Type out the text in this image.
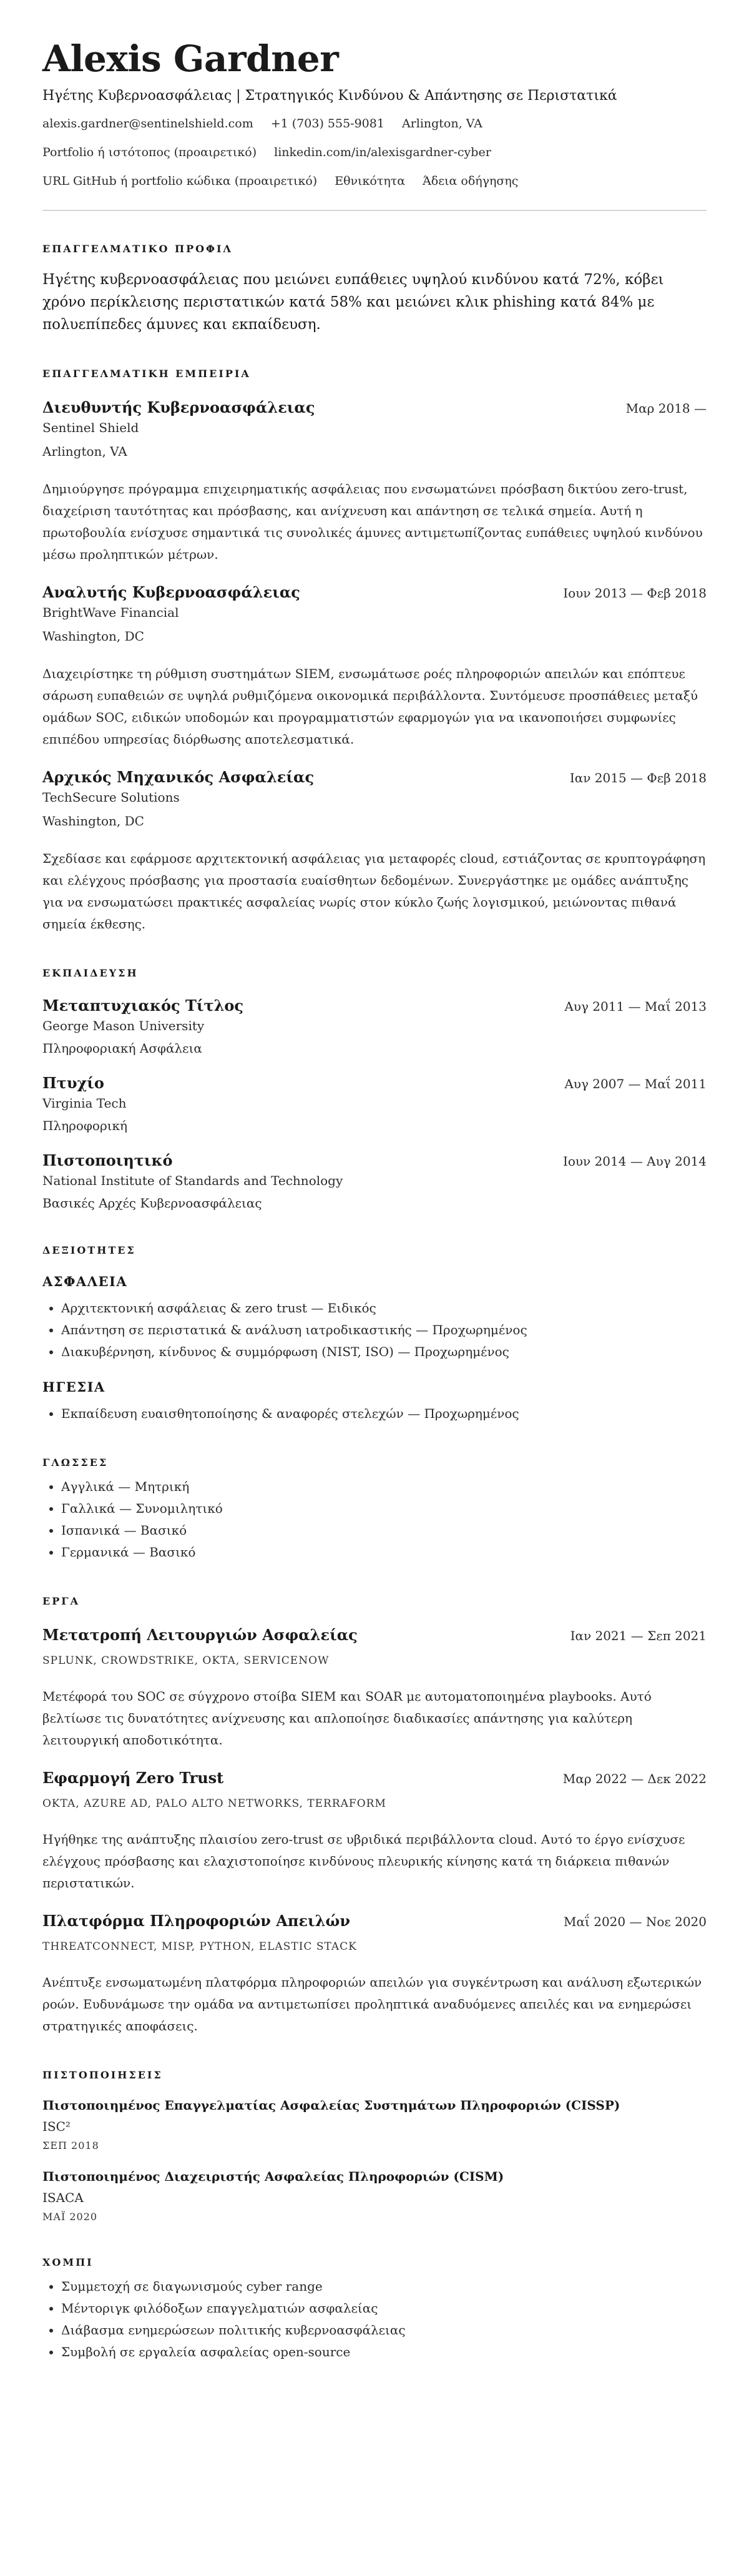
Alexis Gardner
Ηγέτης Κυβερνοασφάλειας | Στρατηγικός Κινδύνου & Απάντησης σε Περιστατικά
alexis.gardner@sentinelshield.com +1 (703) 555-9081 Arlington, VA
Portfolio ή ιστότοπος (προαιρετικό) linkedin.com/in/alexisgardner-cyber
URL GitHub ή portfolio κώδικα (προαιρετικό) Εθνικότητα Άδεια οδήγησης
ΕΠΑΓΓΕΛΜΑΤΙΚΟ ΠΡΟΦΙΛ
Ηγέτης κυβερνοασφάλειας που μειώνει ευπάθειες υψηλού κινδύνου κατά 72%, κόβει χρόνο περίκλεισης περιστατικών κατά 58% και μειώνει κλικ phishing κατά 84% με πολυεπίπεδες άμυνες και εκπαίδευση.
ΕΠΑΓΓΕΛΜΑΤΙΚΗ ΕΜΠΕΙΡΙΑ
Διευθυντής Κυβερνοασφάλειας	Μαρ 2018 —
Sentinel Shield
Arlington, VA
Δημιούργησε πρόγραμμα επιχειρηματικής ασφάλειας που ενσωματώνει πρόσβαση δικτύου zero-trust, διαχείριση ταυτότητας και πρόσβασης, και ανίχνευση και απάντηση σε τελικά σημεία. Αυτή η πρωτοβουλία ενίσχυσε σημαντικά τις συνολικές άμυνες αντιμετωπίζοντας ευπάθειες υψηλού κινδύνου μέσω προληπτικών μέτρων.
Αναλυτής Κυβερνοασφάλειας	Ιουν 2013 — Φεβ 2018
BrightWave Financial
Washington, DC
Διαχειρίστηκε τη ρύθμιση συστημάτων SIEM, ενσωμάτωσε ροές πληροφοριών απειλών και επόπτευε σάρωση ευπαθειών σε υψηλά ρυθμιζόμενα οικονομικά περιβάλλοντα. Συντόμευσε προσπάθειες μεταξύ ομάδων SOC, ειδικών υποδομών και προγραμματιστών εφαρμογών για να ικανοποιήσει συμφωνίες επιπέδου υπηρεσίας διόρθωσης αποτελεσματικά.
Αρχικός Μηχανικός Ασφαλείας	Ιαν 2015 — Φεβ 2018
TechSecure Solutions
Washington, DC
Σχεδίασε και εφάρμοσε αρχιτεκτονική ασφάλειας για μεταφορές cloud, εστιάζοντας σε κρυπτογράφηση και ελέγχους πρόσβασης για προστασία ευαίσθητων δεδομένων. Συνεργάστηκε με ομάδες ανάπτυξης για να ενσωματώσει πρακτικές ασφαλείας νωρίς στον κύκλο ζωής λογισμικού, μειώνοντας πιθανά σημεία έκθεσης.
ΕΚΠΑΙΔΕΥΣΗ
Μεταπτυχιακός Τίτλος	Αυγ 2011 — Μαΐ 2013
George Mason University
Πληροφοριακή Ασφάλεια
Πτυχίο	Αυγ 2007 — Μαΐ 2011
Virginia Tech
Πληροφορική
Πιστοποιητικό	Ιουν 2014 — Αυγ 2014
National Institute of Standards and Technology
Βασικές Αρχές Κυβερνοασφάλειας
ΔΕΞΙΟΤΗΤΕΣ
ΑΣΦΑΛΕΙΑ
• Αρχιτεκτονική ασφάλειας & zero trust — Ειδικός
• Απάντηση σε περιστατικά & ανάλυση ιατροδικαστικής — Προχωρημένος
• Διακυβέρνηση, κίνδυνος & συμμόρφωση (NIST, ISO) — Προχωρημένος
ΗΓΕΣΙΑ
• Εκπαίδευση ευαισθητοποίησης & αναφορές στελεχών — Προχωρημένος
ΓΛΩΣΣΕΣ
• Αγγλικά — Μητρική
• Γαλλικά — Συνομιλητικό
• Ισπανικά — Βασικό
• Γερμανικά — Βασικό
ΕΡΓΑ
Μετατροπή Λειτουργιών Ασφαλείας	Ιαν 2021 — Σεπ 2021
SPLUNK, CROWDSTRIKE, OKTA, SERVICENOW
Μετέφορά του SOC σε σύγχρονο στοίβα SIEM και SOAR με αυτοματοποιημένα playbooks. Αυτό βελτίωσε τις δυνατότητες ανίχνευσης και απλοποίησε διαδικασίες απάντησης για καλύτερη λειτουργική αποδοτικότητα.
Εφαρμογή Zero Trust	Μαρ 2022 — Δεκ 2022
OKTA, AZURE AD, PALO ALTO NETWORKS, TERRAFORM
Ηγήθηκε της ανάπτυξης πλαισίου zero-trust σε υβριδικά περιβάλλοντα cloud. Αυτό το έργο ενίσχυσε ελέγχους πρόσβασης και ελαχιστοποίησε κινδύνους πλευρικής κίνησης κατά τη διάρκεια πιθανών περιστατικών.
Πλατφόρμα Πληροφοριών Απειλών	Μαΐ 2020 — Νοε 2020
THREATCONNECT, MISP, PYTHON, ELASTIC STACK
Ανέπτυξε ενσωματωμένη πλατφόρμα πληροφοριών απειλών για συγκέντρωση και ανάλυση εξωτερικών ροών. Ευδυνάμωσε την ομάδα να αντιμετωπίσει προληπτικά αναδυόμενες απειλές και να ενημερώσει στρατηγικές αποφάσεις.
ΠΙΣΤΟΠΟΙΗΣΕΙΣ
Πιστοποιημένος Επαγγελματίας Ασφαλείας Συστημάτων Πληροφοριών (CISSP)
ISC²
ΣΕΠ 2018
Πιστοποιημένος Διαχειριστής Ασφαλείας Πληροφοριών (CISM)
ISACA
ΜΑΪ 2020
ΧΟΜΠΙ
• Συμμετοχή σε διαγωνισμούς cyber range
• Μέντοριγκ φιλόδοξων επαγγελματιών ασφαλείας
• Διάβασμα ενημερώσεων πολιτικής κυβερνοασφάλειας
• Συμβολή σε εργαλεία ασφαλείας open-source
